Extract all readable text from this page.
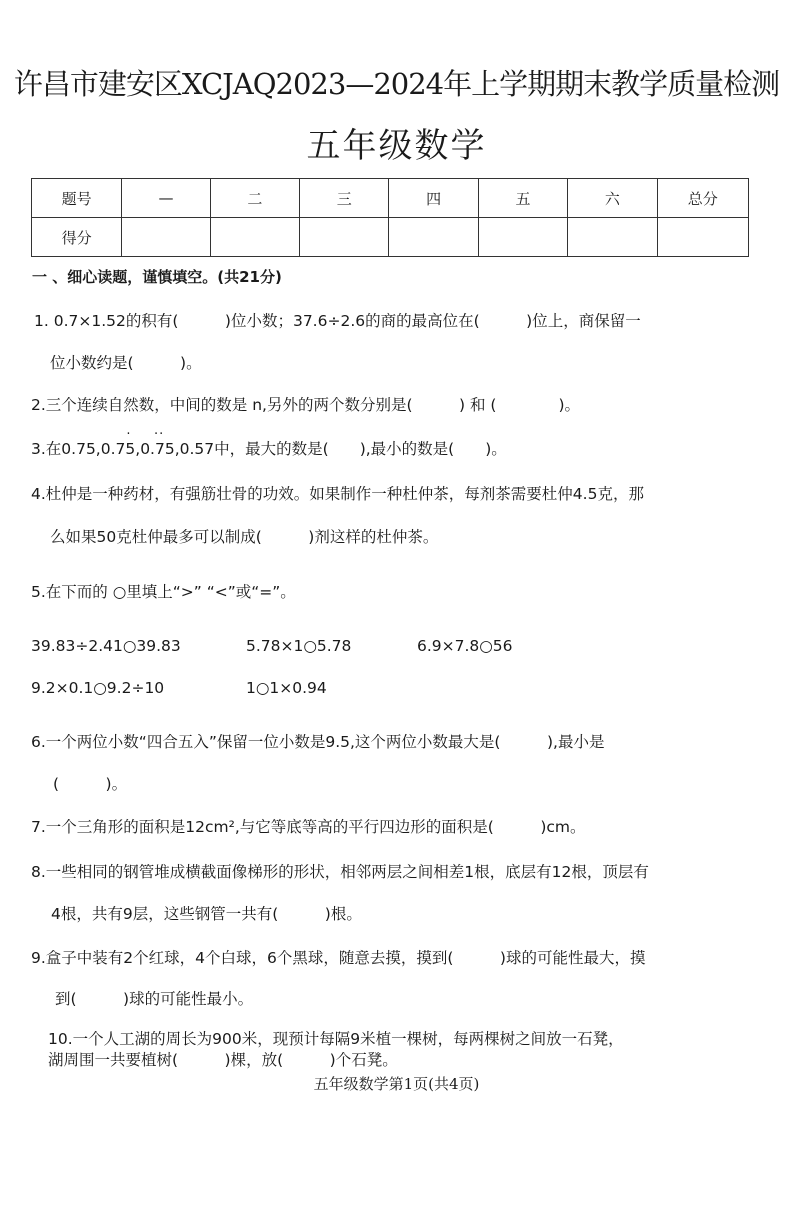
许昌市建安区XCJAQ2023—2024年上学期期末教学质量检测
五年级数学
题号	—	二	三	四	五	六	总分
得分							
一 、细心读题，谨慎填空。(共21分)
1. 0.7×1.52的积有(　　　)位小数；37.6÷2.6的商的最高位在(　　　)位上，商保留一
位小数约是(　　　)。
2.三个连续自然数，中间的数是 n,另外的两个数分别是(　　　) 和 (　　　　)。
3.在0.75,0.7· 5,0.·· 75,0.57中，最大的数是(　　),最小的数是(　　)。
4.杜仲是一种药材，有强筋壮骨的功效。如果制作一种杜仲茶，每剂茶需要杜仲4.5克，那
么如果50克杜仲最多可以制成(　　　)剂这样的杜仲茶。
5.在下而的 ○里填上“>” “<”或“=”。
39.83÷2.41○39.83	5.78×1○5.78	6.9×7.8○56
9.2×0.1○9.2÷10	1○1×0.94
6.一个两位小数“四合五入”保留一位小数是9.5,这个两位小数最大是(　　　),最小是
(　　　)。
7.一个三角形的面积是12cm²,与它等底等高的平行四边形的面积是(　　　)cm。
8.一些相同的钢管堆成横截面像梯形的形状，相邻两层之间相差1根，底层有12根，顶层有
4根，共有9层，这些钢管一共有(　　　)根。
9.盒子中装有2个红球，4个白球，6个黑球，随意去摸，摸到(　　　)球的可能性最大，摸
到(　　　)球的可能性最小。
10.一个人工湖的周长为900米，现预计每隔9米植一棵树，每两棵树之间放一石凳，
湖周围一共要植树(　　　)棵，放(　　　)个石凳。
五年级数学第1页(共4页)
